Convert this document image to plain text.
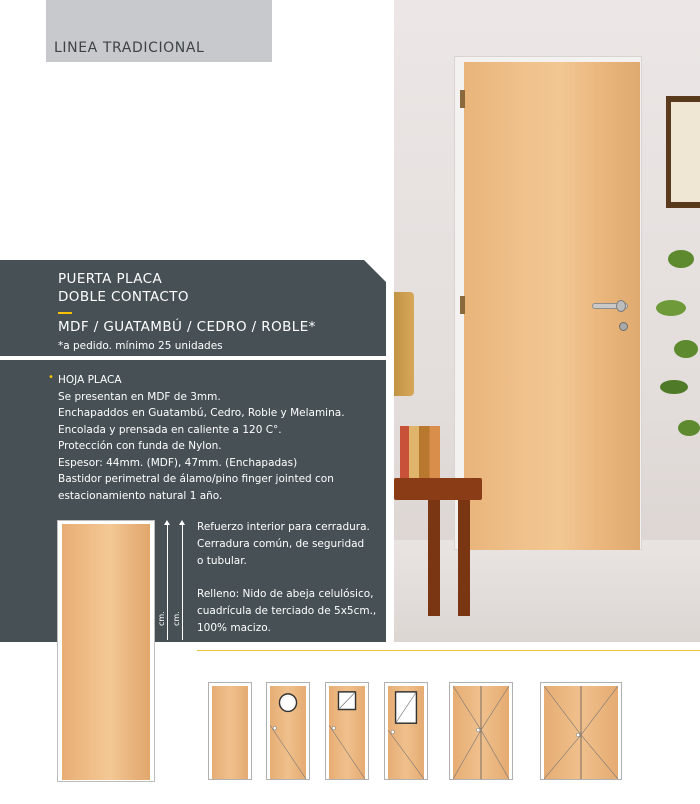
LINEA TRADICIONAL
PUERTA PLACA
DOBLE CONTACTO
MDF / GUATAMBÚ / CEDRO / ROBLE*
*a pedido. mínimo 25 unidades
• HOJA PLACA
Se presentan en MDF de 3mm.
Enchapaddos en Guatambú, Cedro, Roble y Melamina.
Encolada y prensada en caliente a 120 C°.
Protección con funda de Nylon.
Espesor: 44mm. (MDF), 47mm. (Enchapadas)
Bastidor perimetral de álamo/pino finger jointed con
estacionamiento natural 1 año.
cm. cm.
Refuerzo interior para cerradura.
Cerradura común, de seguridad
o tubular.
Relleno: Nido de abeja celulósico,
cuadrícula de terciado de 5x5cm.,
100% macizo.
